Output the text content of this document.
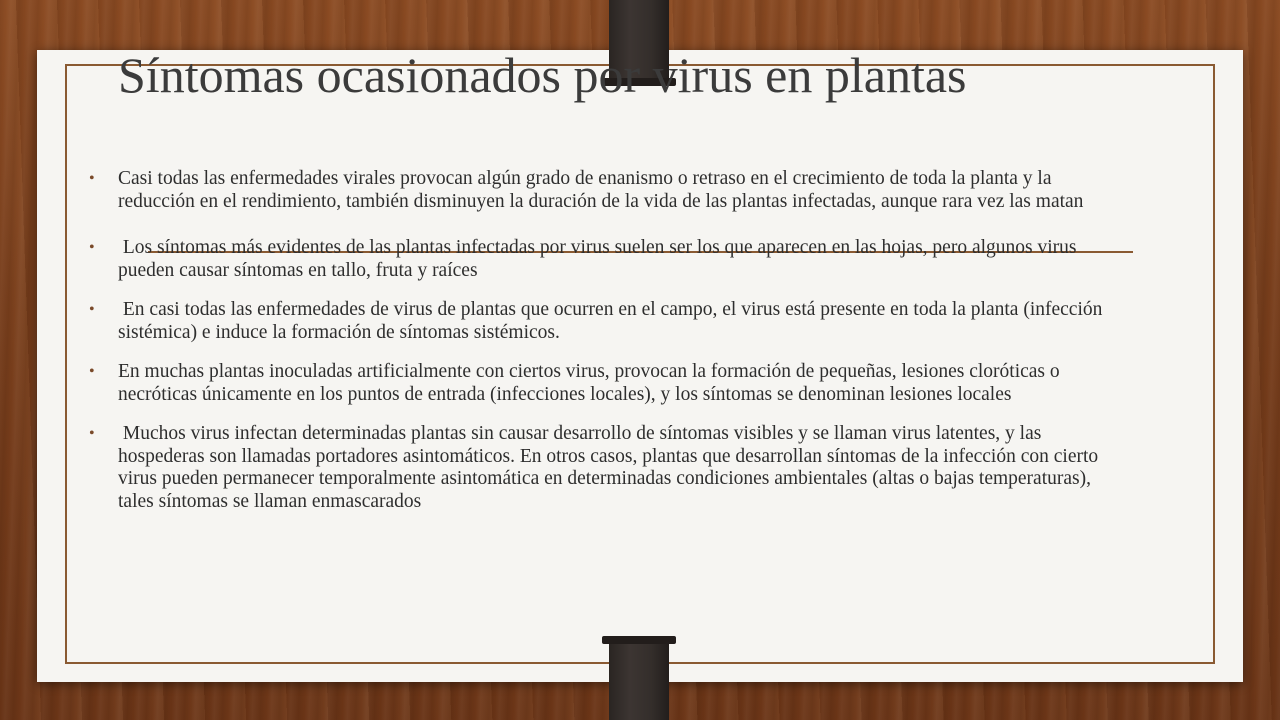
Síntomas ocasionados por virus en plantas
• Casi todas las enfermedades virales provocan algún grado de enanismo o retraso en el crecimiento de toda la planta y la reducción en el rendimiento, también disminuyen la duración de la vida de las plantas infectadas, aunque rara vez las matan
• Los síntomas más evidentes de las plantas infectadas por virus suelen ser los que aparecen en las hojas, pero algunos virus pueden causar síntomas en tallo, fruta y raíces
• En casi todas las enfermedades de virus de plantas que ocurren en el campo, el virus está presente en toda la planta (infección sistémica) e induce la formación de síntomas sistémicos.
• En muchas plantas inoculadas artificialmente con ciertos virus, provocan la formación de pequeñas, lesiones cloróticas o necróticas únicamente en los puntos de entrada (infecciones locales), y los síntomas se denominan lesiones locales
• Muchos virus infectan determinadas plantas sin causar desarrollo de síntomas visibles y se llaman virus latentes, y las hospederas son llamadas portadores asintomáticos. En otros casos, plantas que desarrollan síntomas de la infección con cierto virus pueden permanecer temporalmente asintomática en determinadas condiciones ambientales (altas o bajas temperaturas), tales síntomas se llaman enmascarados
